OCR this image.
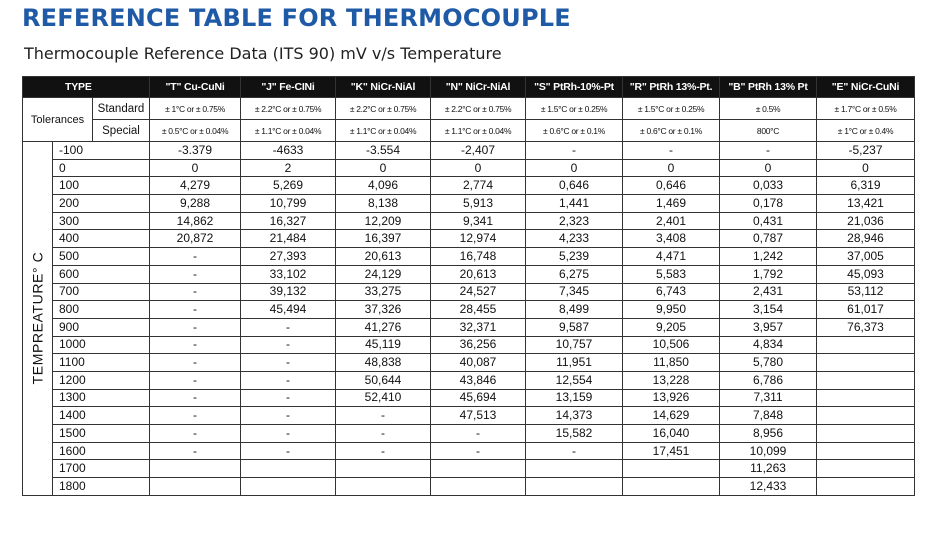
REFERENCE TABLE FOR THERMOCOUPLE
Thermocouple Reference Data (ITS 90) mV v/s Temperature
TYPE			"T" Cu-CuNi	"J" Fe-CINi	"K" NiCr-NiAl	"N" NiCr-NiAl	"S" PtRh-10%-Pt	"R" PtRh 13%-Pt.	"B" PtRh 13% Pt	"E" NiCr-CuNi
Tolerances		Standard	± 1°C or ± 0.75%	± 2.2°C or ± 0.75%	± 2.2°C or ± 0.75%	± 2.2°C or ± 0.75%	± 1.5°C or ± 0.25%	± 1.5°C or ± 0.25%	± 0.5%	± 1.7°C or ± 0.5%
		Special	± 0.5°C or ± 0.04%	± 1.1°C or ± 0.04%	± 1.1°C or ± 0.04%	± 1.1°C or ± 0.04%	± 0.6°C or ± 0.1%	± 0.6°C or ± 0.1%	800°C	± 1°C or ± 0.4%

TEMPREATURE° C	-100		-3.379	-4633	-3.554	-2,407	-	-	-	-5,237
	0		0	2	0	0	0	0	0	0
	100		4,279	5,269	4,096	2,774	0,646	0,646	0,033	6,319
	200		9,288	10,799	8,138	5,913	1,441	1,469	0,178	13,421
	300		14,862	16,327	12,209	9,341	2,323	2,401	0,431	21,036
	400		20,872	21,484	16,397	12,974	4,233	3,408	0,787	28,946
	500		-	27,393	20,613	16,748	5,239	4,471	1,242	37,005
	600		-	33,102	24,129	20,613	6,275	5,583	1,792	45,093
	700		-	39,132	33,275	24,527	7,345	6,743	2,431	53,112
	800		-	45,494	37,326	28,455	8,499	9,950	3,154	61,017
	900		-	-	41,276	32,371	9,587	9,205	3,957	76,373
	1000		-	-	45,119	36,256	10,757	10,506	4,834	
	1100		-	-	48,838	40,087	11,951	11,850	5,780	
	1200		-	-	50,644	43,846	12,554	13,228	6,786	
	1300		-	-	52,410	45,694	13,159	13,926	7,311	
	1400		-	-	-	47,513	14,373	14,629	7,848	
	1500		-	-	-	-	15,582	16,040	8,956	
	1600		-	-	-	-	-	17,451	10,099	
	1700								11,263	
	1800								12,433	
